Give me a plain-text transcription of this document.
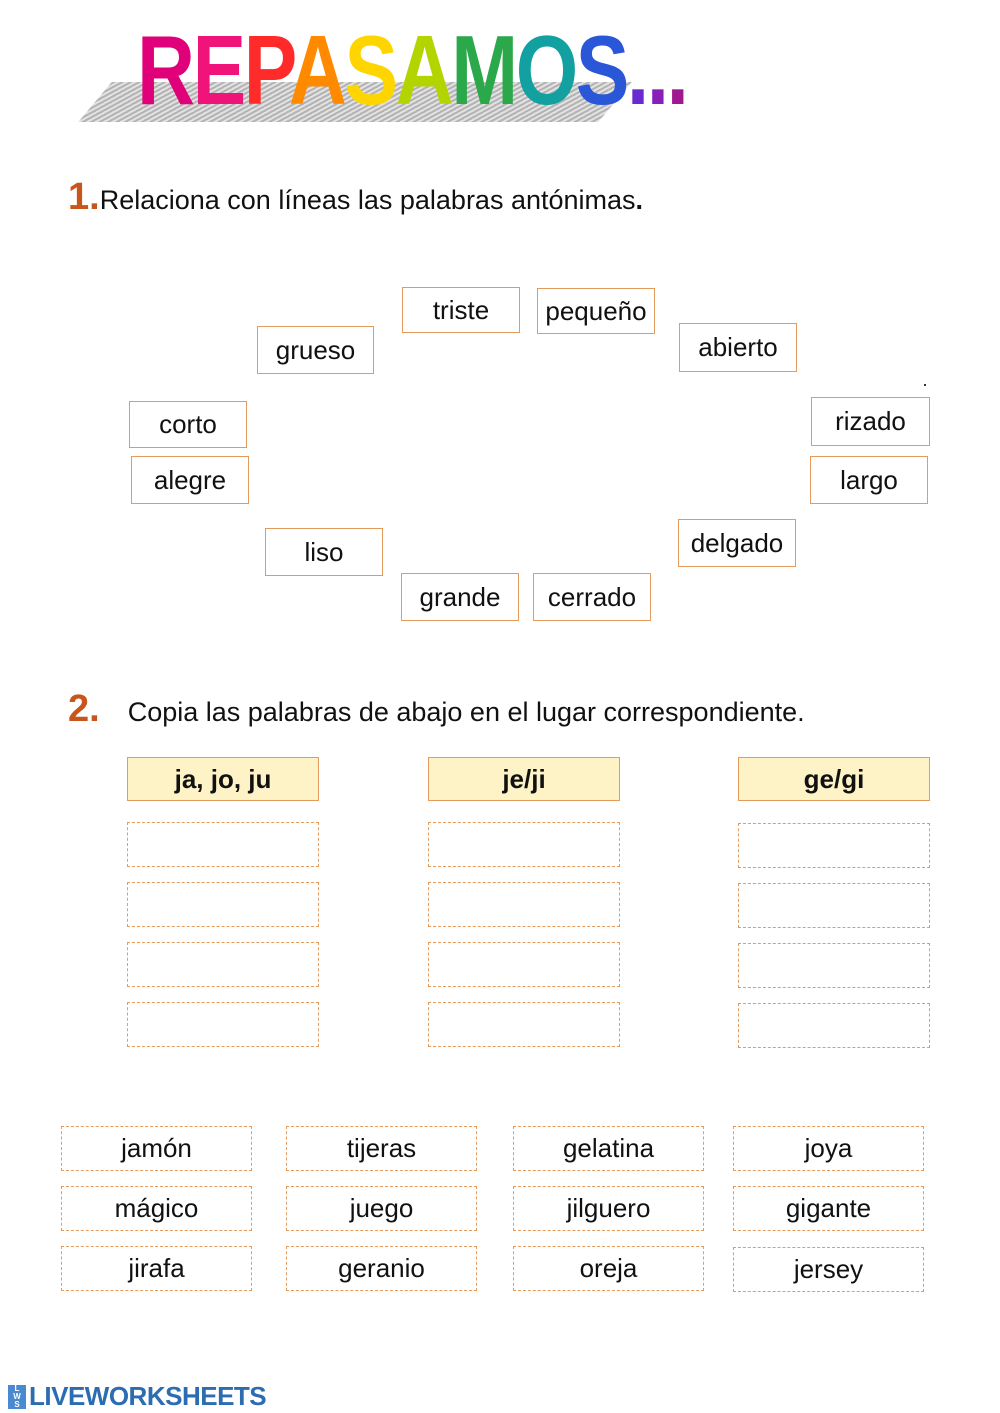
REPASAMOS...
1.Relaciona con líneas las palabras antónimas.
triste	pequeño
grueso	abierto
corto	rizado
alegre	largo
liso	delgado
grande	cerrado
2. Copia las palabras de abajo en el lugar correspondiente.
ja, jo, ju	je/ji	ge/gi
jamón	tijeras	gelatina	joya
mágico	juego	jilguero	gigante
jirafa	geranio	oreja	jersey
L
W
S LIVEWORKSHEETS
